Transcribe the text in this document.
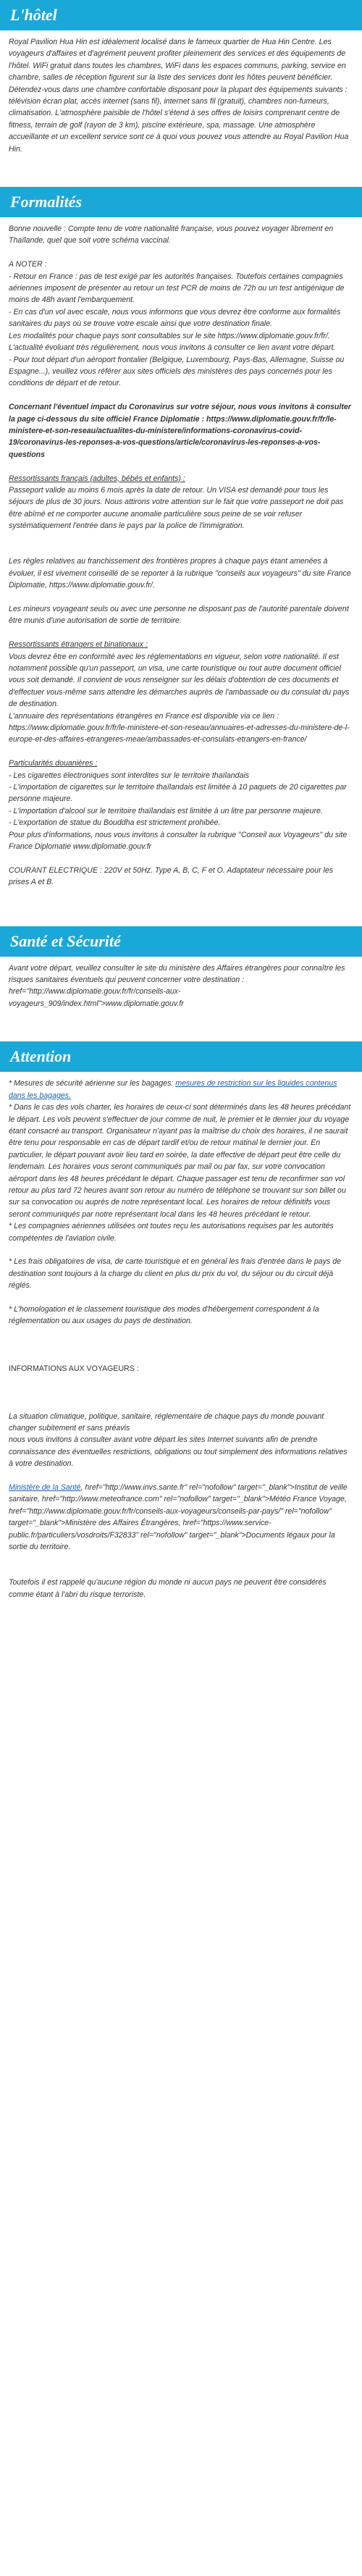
L'hôtel

Royal Pavilion Hua Hin est idéalement localisé dans le fameux quartier de Hua Hin Centre. Les voyageurs d'affaires et d'agrément peuvent profiter pleinement des services et des équipements de l'hôtel. WiFi gratuit dans toutes les chambres, WiFi dans les espaces communs, parking, service en chambre, salles de réception figurent sur la liste des services dont les hôtes peuvent bénéficier. Détendez-vous dans une chambre confortable disposant pour la plupart des équipements suivants : télévision écran plat, accès internet (sans fil), internet sans fil (gratuit), chambres non-fumeurs, climatisation. L'atmosphère paisible de l'hôtel s'étend à ses offres de loisirs comprenant centre de fitness, terrain de golf (rayon de 3 km), piscine extérieure, spa, massage. Une atmosphère accueillante et un excellent service sont ce à quoi vous pouvez vous attendre au Royal Pavilion Hua Hin.

Formalités

Bonne nouvelle : Compte tenu de votre nationalité française, vous pouvez voyager librement en Thaïlande, quel que soit votre schéma vaccinal.

A NOTER :

- Retour en France : pas de test exigé par les autorités françaises. Toutefois certaines compagnies aériennes imposent de présenter au retour un test PCR de moins de 72h ou un test antigénique de moins de 48h avant l'embarquement.

- En cas d'un vol avec escale, nous vous informons que vous devrez être conforme aux formalités sanitaires du pays où se trouve votre escale ainsi que votre destination finale.

Les modalités pour chaque pays sont consultables sur le site https://www.diplomatie.gouv.fr/fr/. L'actualité évoluant très régulièrement, nous vous invitons à consulter ce lien avant votre départ.

- Pour tout départ d'un aéroport frontalier (Belgique, Luxembourg, Pays-Bas, Allemagne, Suisse ou Espagne...), veuillez vous référer aux sites officiels des ministères des pays concernés pour les conditions de départ et de retour.

Concernant l'éventuel impact du Coronavirus sur votre séjour, nous vous invitons à consulter la page ci-dessous du site officiel France Diplomatie : https://www.diplomatie.gouv.fr/fr/le-ministere-et-son-reseau/actualites-du-ministere/informations-coronavirus-covid-19/coronavirus-les-reponses-a-vos-questions/article/coronavirus-les-reponses-a-vos-questions

Ressortissants français (adultes, bébés et enfants) :

Passeport valide au moins 6 mois après la date de retour. Un VISA est demandé pour tous les séjours de plus de 30 jours. Nous attirons votre attention sur le fait que votre passeport ne doit pas être abîmé et ne comporter aucune anomalie particulière sous peine de se voir refuser systématiquement l'entrée dans le pays par la police de l'immigration.

Les règles relatives au franchissement des frontières propres à chaque pays étant amenées à évoluer, il est vivement conseillé de se reporter à la rubrique "conseils aux voyageurs" du site France Diplomatie, https://www.diplomatie.gouv.fr/.

Les mineurs voyageant seuls ou avec une personne ne disposant pas de l'autorité parentale doivent être munis d'une autorisation de sortie de territoire.

Ressortissants étrangers et binationaux :

Vous devrez être en conformité avec les réglementations en vigueur, selon votre nationalité. Il est notamment possible qu'un passeport, un visa, une carte touristique ou tout autre document officiel vous soit demandé. Il convient de vous renseigner sur les délais d'obtention de ces documents et d'effectuer vous-même sans attendre les démarches auprès de l'ambassade ou du consulat du pays de destination.

L'annuaire des représentations étrangères en France est disponible via ce lien : https://www.diplomatie.gouv.fr/fr/le-ministere-et-son-reseau/annuaires-et-adresses-du-ministere-de-l-europe-et-des-affaires-etrangeres-meae/ambassades-et-consulats-etrangers-en-france/

Particularités douanières :

- Les cigarettes électroniques sont interdites sur le territoire thaïlandais

- L'importation de cigarettes sur le territoire thaïlandais est limitée à 10 paquets de 20 cigarettes par personne majeure.

- L'importation d'alcool sur le territoire thaïlandais est limitée à un litre par personne majeure.

- L'exportation de statue du Bouddha est strictement prohibée.

Pour plus d'informations, nous vous invitons à consulter la rubrique "Conseil aux Voyageurs" du site France Diplomatie www.diplomatie.gouv.fr

COURANT ELECTRIQUE : 220V et 50Hz. Type A, B, C, F et O. Adaptateur nécessaire pour les prises A et B.

Santé et Sécurité

Avant votre départ, veuillez consulter le site du ministère des Affaires étrangères pour connaître les risques sanitaires éventuels qui peuvent concerner votre destination : href="http://www.diplomatie.gouv.fr/fr/conseils-aux-voyageurs_909/index.html">www.diplomatie.gouv.fr

Attention

* Mesures de sécurité aérienne sur les bagages: mesures de restriction sur les liquides contenus dans les bagages.

* Dans le cas des vols charter, les horaires de ceux-ci sont déterminés dans les 48 heures précédant le départ. Les vols peuvent s'effectuer de jour comme de nuit, le premier et le dernier jour du voyage étant consacré au transport. Organisateur n'ayant pas la maîtrise du choix des horaires, il ne saurait être tenu pour responsable en cas de départ tardif et/ou de retour matinal le dernier jour. En particulier, le départ pouvant avoir lieu tard en soirée, la date effective de départ peut être celle du lendemain. Les horaires vous seront communiqués par mail ou par fax, sur votre convocation aéroport dans les 48 heures précédant le départ. Chaque passager est tenu de reconfirmer son vol retour au plus tard 72 heures avant son retour au numéro de téléphone se trouvant sur son billet ou sur sa convocation ou auprès de notre représentant local. Les horaires de retour définitifs vous seront communiqués par notre représentant local dans les 48 heures précédant le retour.

* Les compagnies aériennes utilisées ont toutes reçu les autorisations requises par les autorités compétentes de l'aviation civile.

* Les frais obligatoires de visa, de carte touristique et en général les frais d'entrée dans le pays de destination sont toujours à la charge du client en plus du prix du vol, du séjour ou du circuit déjà réglés.

* L'homologation et le classement touristique des modes d'hébergement correspondent à la réglementation ou aux usages du pays de destination.

INFORMATIONS AUX VOYAGEURS :

La situation climatique, politique, sanitaire, réglementaire de chaque pays du monde pouvant changer subitement et sans préavis

nous vous invitons à consulter avant votre départ les sites Internet suivants afin de prendre connaissance des éventuelles restrictions, obligations ou tout simplement des informations relatives à votre destination.

Ministère de la Santé, href="http://www.invs.sante.fr" rel="nofollow" target="_blank">Institut de veille sanitaire, href="http://www.meteofrance.com" rel="nofollow" target="_blank">Météo France Voyage, href="http://www.diplomatie.gouv.fr/fr/conseils-aux-voyageurs/conseils-par-pays/" rel="nofollow" target="_blank">Ministère des Affaires Étrangères, href="https://www.service-public.fr/particuliers/vosdroits/F32833" rel="nofollow" target="_blank">Documents légaux pour la sortie du territoire.

Toutefois il est rappelé qu'aucune région du monde ni aucun pays ne peuvent être considérés comme étant à l'abri du risque terroriste.
